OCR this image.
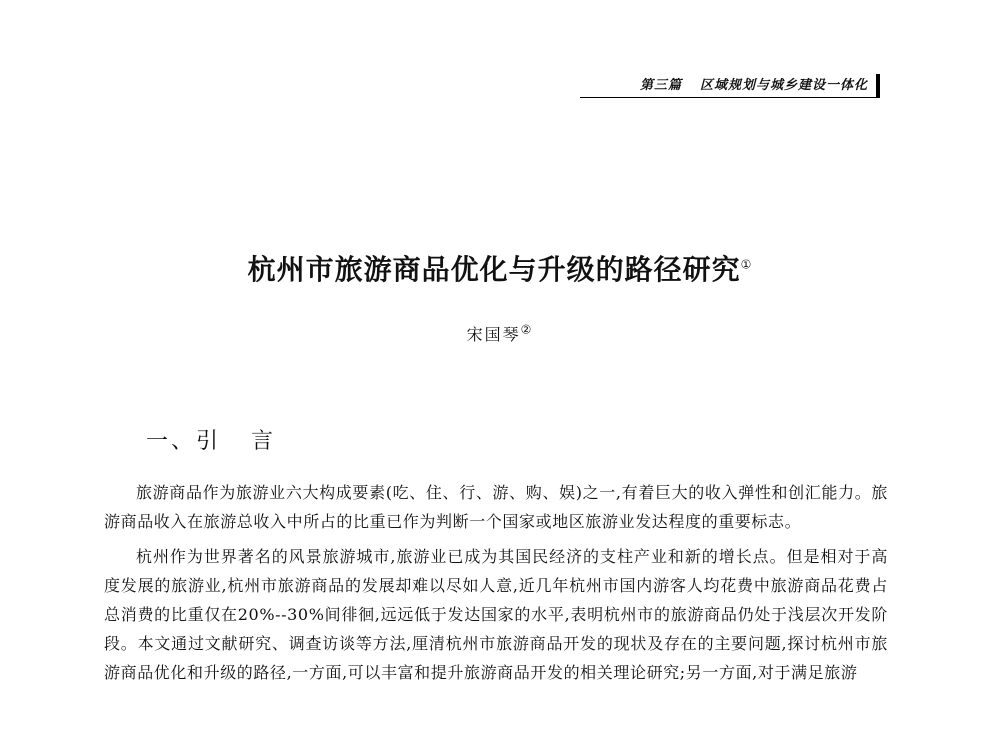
第三篇 区域规划与城乡建设一体化
杭州市旅游商品优化与升级的路径研究①
宋国琴②
一、引 言

旅游商品作为旅游业六大构成要素(吃、住、行、游、购、娱)之一,有着巨大的收入弹性和创汇能力。旅游商品收入在旅游总收入中所占的比重已作为判断一个国家或地区旅游业发达程度的重要标志。

杭州作为世界著名的风景旅游城市,旅游业已成为其国民经济的支柱产业和新的增长点。但是相对于高度发展的旅游业,杭州市旅游商品的发展却难以尽如人意,近几年杭州市国内游客人均花费中旅游商品花费占总消费的比重仅在20%--30%间徘徊,远远低于发达国家的水平,表明杭州市的旅游商品仍处于浅层次开发阶段。本文通过文献研究、调查访谈等方法,厘清杭州市旅游商品开发的现状及存在的主要问题,探讨杭州市旅游商品优化和升级的路径,一方面,可以丰富和提升旅游商品开发的相关理论研究;另一方面,对于满足旅游
